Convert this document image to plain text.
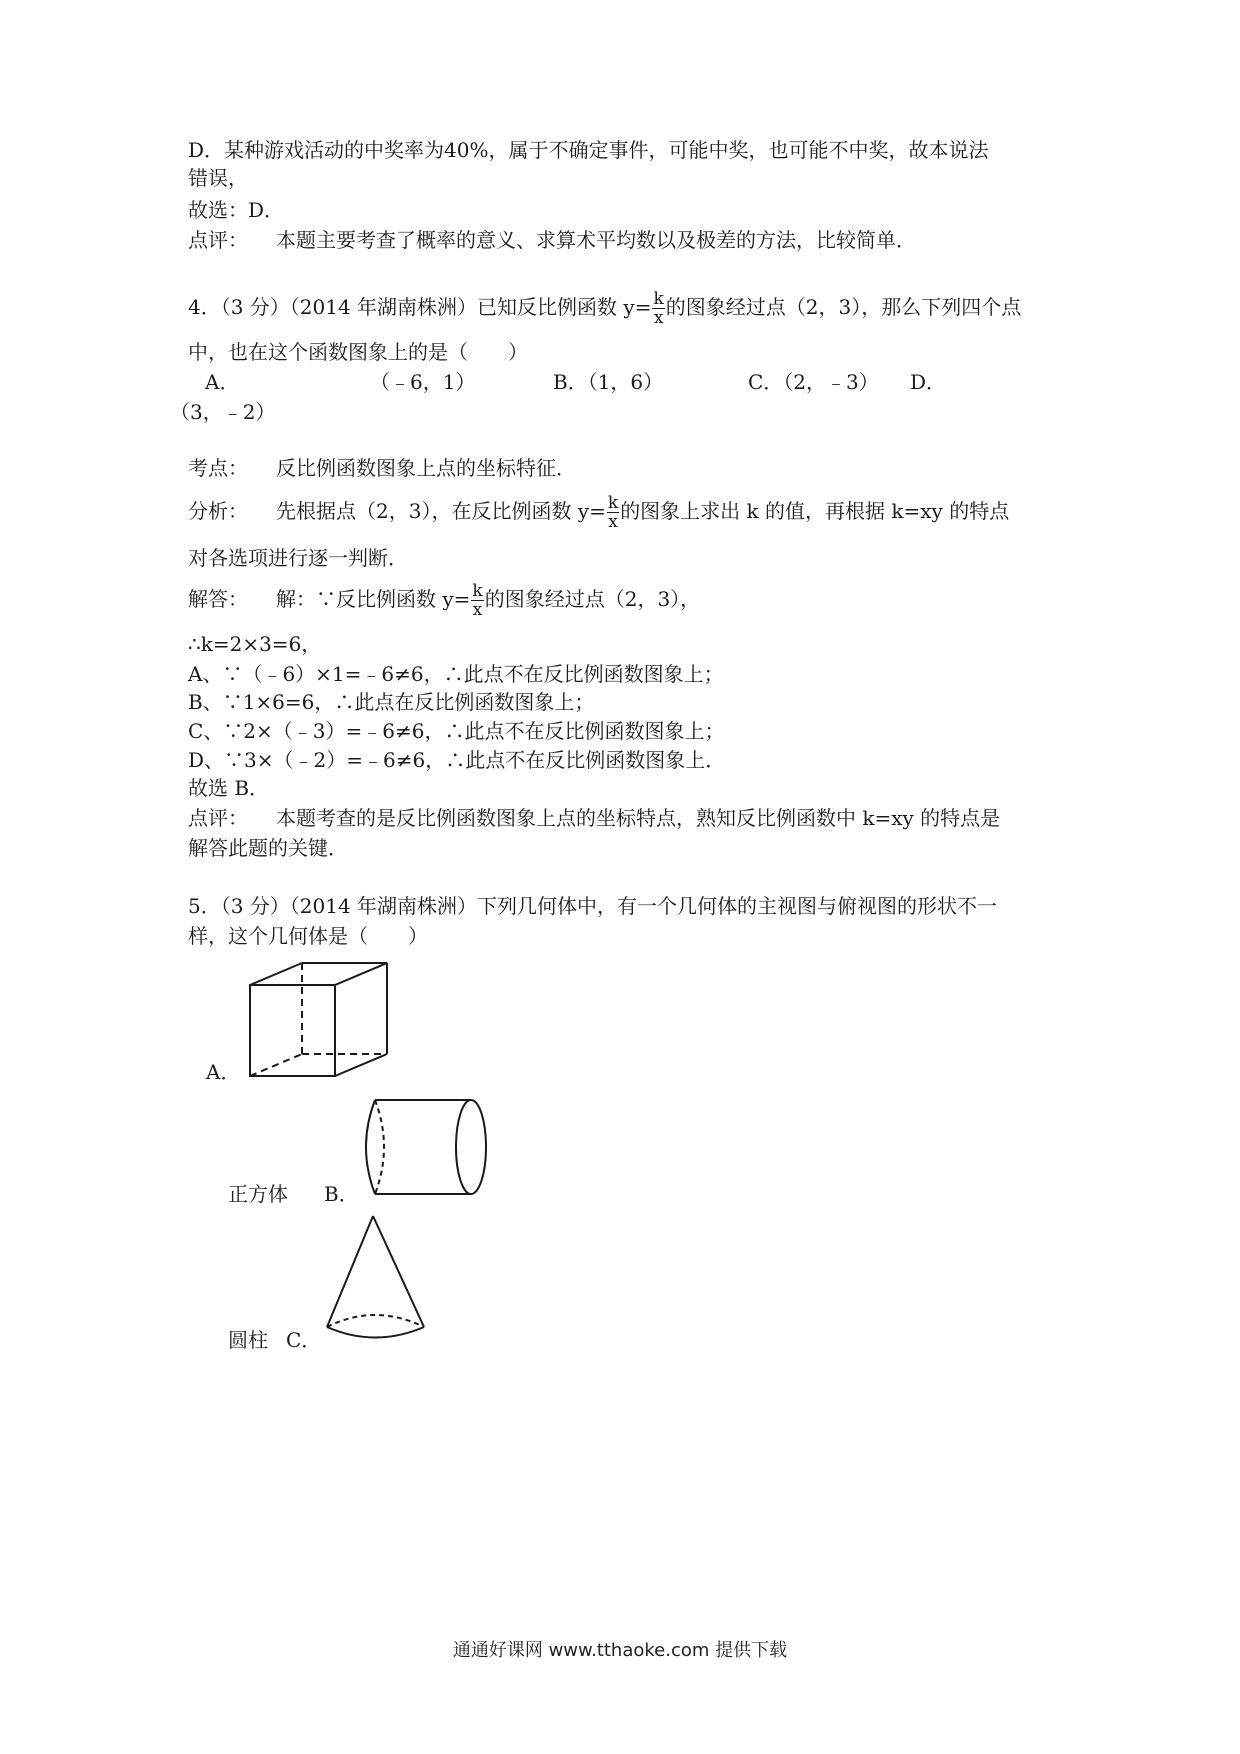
D．某种游戏活动的中奖率为40%，属于不确定事件，可能中奖，也可能不中奖，故本说法
错误，
故选：D．
点评： 本题主要考查了概率的意义、求算术平均数以及极差的方法，比较简单．
4．（3 分）（2014 年湖南株洲）已知反比例函数 $y= \frac{k}{x}$ 的图象经过点（2，3），那么下列四个点
中，也在这个函数图象上的是（　　）
A．	（﹣6，1）	B．（1，6）	C．（2，﹣3） D．
（3，﹣2）
考点： 反比例函数图象上点的坐标特征．
分析： 先根据点（2，3），在反比例函数 $y= \frac{k}{x}$ 的图象上求出 k 的值，再根据 k=xy 的特点
对各选项进行逐一判断．
解答： 解：∵反比例函数 $y= \frac{k}{x}$ 的图象经过点（2，3），
∴k=2×3=6，
A、∵（﹣6）×1=﹣6≠6，∴此点不在反比例函数图象上；
B、∵1×6=6，∴此点在反比例函数图象上；
C、∵2×（﹣3）=﹣6≠6，∴此点不在反比例函数图象上；
D、∵3×（﹣2）=﹣6≠6，∴此点不在反比例函数图象上．
故选 B．
点评： 本题考查的是反比例函数图象上点的坐标特点，熟知反比例函数中 k=xy 的特点是
解答此题的关键．
5．（3 分）（2014 年湖南株洲）下列几何体中，有一个几何体的主视图与俯视图的形状不一
样，这个几何体是（　　）
A．
正方体 B．
圆柱 C．
通通好课网 www.tthaoke.com 提供下载
